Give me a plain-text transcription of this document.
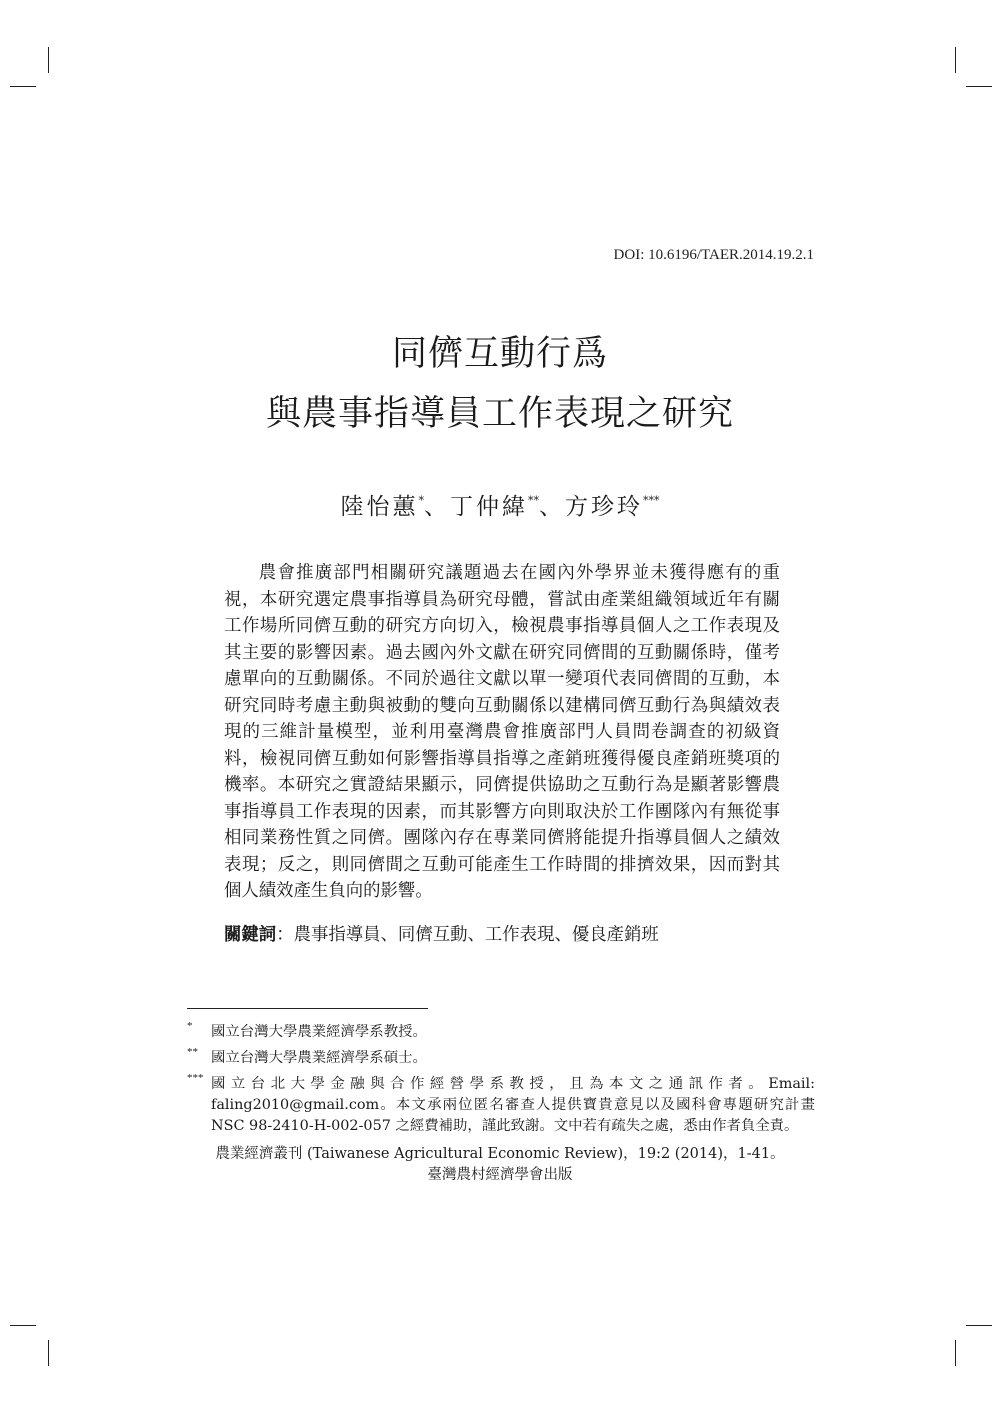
DOI: 10.6196/TAER.2014.19.2.1
同儕互動行爲
與農事指導員工作表現之研究
陸怡蕙*、丁仲緯**、方珍玲***

農會推廣部門相關研究議題過去在國內外學界並未獲得應有的重視，本研究選定農事指導員為研究母體，嘗試由產業組織領域近年有關工作場所同儕互動的研究方向切入，檢視農事指導員個人之工作表現及其主要的影響因素。過去國內外文獻在研究同儕間的互動關係時，僅考慮單向的互動關係。不同於過往文獻以單一變項代表同儕間的互動，本研究同時考慮主動與被動的雙向互動關係以建構同儕互動行為與績效表現的三維計量模型，並利用臺灣農會推廣部門人員問卷調查的初級資料，檢視同儕互動如何影響指導員指導之產銷班獲得優良產銷班獎項的機率。本研究之實證結果顯示，同儕提供協助之互動行為是顯著影響農事指導員工作表現的因素，而其影響方向則取決於工作團隊內有無從事相同業務性質之同儕。團隊內存在專業同儕將能提升指導員個人之績效表現；反之，則同儕間之互動可能產生工作時間的排擠效果，因而對其個人績效產生負向的影響。

關鍵詞：農事指導員、同儕互動、工作表現、優良產銷班
* 國立台灣大學農業經濟學系教授。
** 國立台灣大學農業經濟學系碩士。
*** 國立台北大學金融與合作經營學系教授，且為本文之通訊作者。Email: faling2010@gmail.com。本文承兩位匿名審查人提供寶貴意見以及國科會專題研究計畫 NSC 98-2410-H-002-057 之經費補助，謹此致謝。文中若有疏失之處，悉由作者負全責。
農業經濟叢刊 (Taiwanese Agricultural Economic Review)，19:2 (2014)，1-41。
臺灣農村經濟學會出版
